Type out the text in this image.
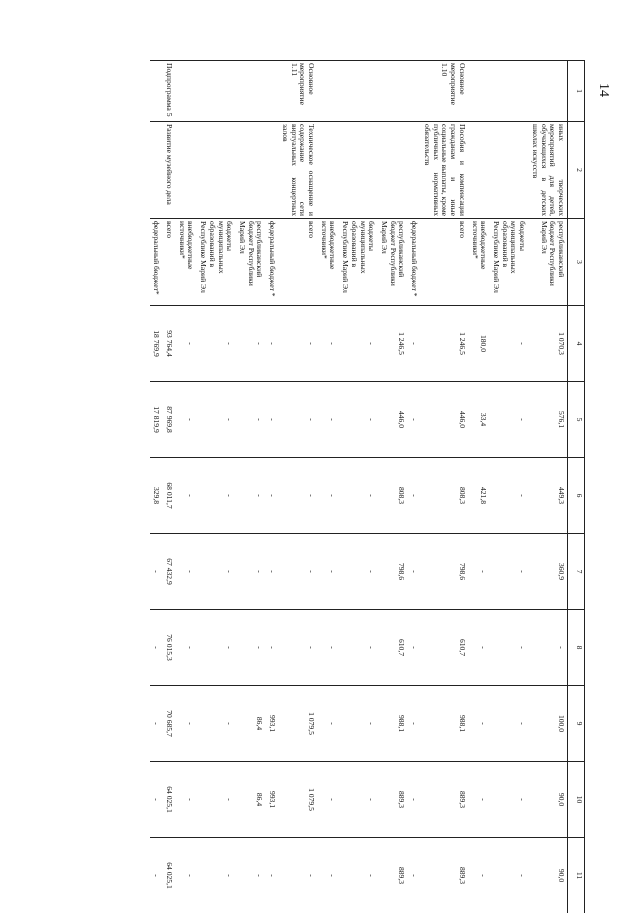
14
1	2	3	4	5	6	7	8	9	10	11
	иных творческих мероприятий для детей, обучающихся в детских школах искусств	республиканский бюджет Республики Марий Эл	1 070,3	576,1	449,3	360,9	-	100,0	90,0	90,0
		бюджеты муниципальных образований в Республике Марий Эл	-	-	-	-	-	-	-	-
		внебюджетные источники*	180,0	33,4	421,8	-	-	-	-	-
Основное мероприятие 1.10	Пособия и компенсации гражданам и иные социальные выплаты, кроме публичных нормативных обязательств	всего	1 246,5	446,0	808,3	798,6	610,7	988,1	889,3	889,3
		федеральный бюджет *	-	-	-	-	-	-	-	-
		республиканский бюджет Республики Марий Эл	1 246,5	446,0	808,3	798,6	610,7	988,1	889,3	889,3
		бюджеты муниципальных образований в Республике Марий Эл	-	-	-	-	-	-	-	-
		внебюджетные источники*	-	-	-	-	-	-	-	-
Основное мероприятие 1.11	Техническое оснащение и содержание сети виртуальных концертных залов	всего	-	-	-	-	-	1 079,5	1 079,5	-
		федеральный бюджет *	-	-	-	-	-	993,1	993,1	-
		республиканский бюджет Республики Марий Эл	-	-	-	-	-	86,4	86,4	-
		бюджеты муниципальных образований в Республике Марий Эл	-	-	-	-	-	-	-	-
		внебюджетные источники*	-	-	-	-	-	-	-	-
Подпрограмма 5	Развитие музейного дела	всего	93 764,4	87 969,8	68 011,7	67 432,9	76 015,3	70 685,7	64 025,1	64 025,1
		федеральный бюджет*	18 769,9	17 819,9	329,8	-	-	-	-	-
